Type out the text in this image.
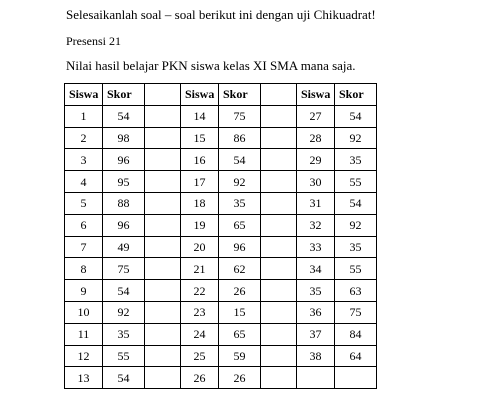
Selesaikanlah soal – soal berikut ini dengan uji Chikuadrat!
Presensi 21
Nilai hasil belajar PKN siswa kelas XI SMA mana saja.
Siswa	Skor		Siswa	Skor		Siswa	Skor
1	54		14	75		27	54
2	98		15	86		28	92
3	96		16	54		29	35
4	95		17	92		30	55
5	88		18	35		31	54
6	96		19	65		32	92
7	49		20	96		33	35
8	75		21	62		34	55
9	54		22	26		35	63
10	92		23	15		36	75
11	35		24	65		37	84
12	55		25	59		38	64
13	54		26	26			
